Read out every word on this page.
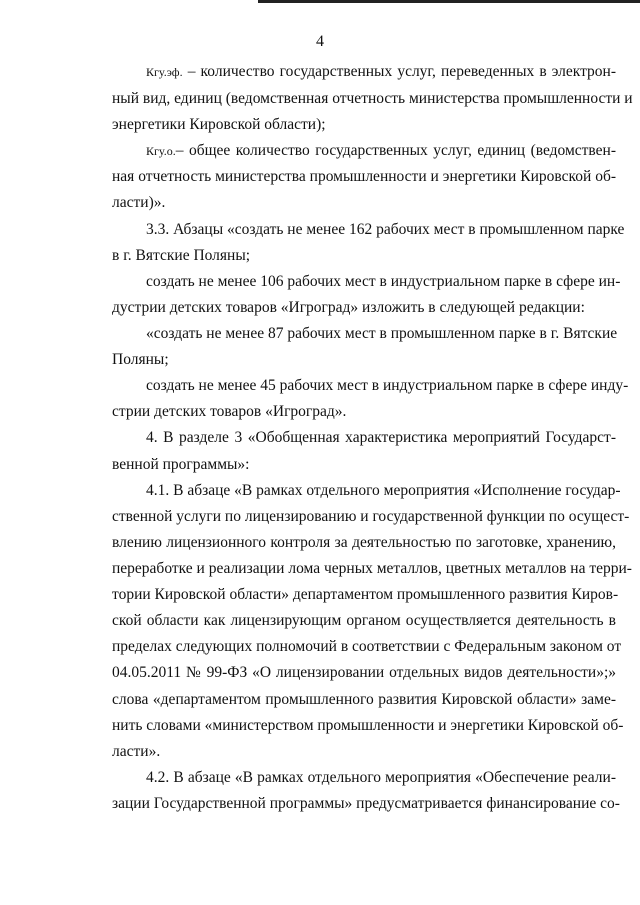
4
Кгу.эф. – количество государственных услуг, переведенных в электрон-
ный вид, единиц (ведомственная отчетность министерства промышленности и
энергетики Кировской области);
Кгу.о.– общее количество государственных услуг, единиц (ведомствен-
ная отчетность министерства промышленности и энергетики Кировской об-
ласти)».
3.3. Абзацы «создать не менее 162 рабочих мест в промышленном парке
в г. Вятские Поляны;
создать не менее 106 рабочих мест в индустриальном парке в сфере ин-
дустрии детских товаров «Игроград» изложить в следующей редакции:
«создать не менее 87 рабочих мест в промышленном парке в г. Вятские
Поляны;
создать не менее 45 рабочих мест в индустриальном парке в сфере инду-
стрии детских товаров «Игроград».
4. В разделе 3 «Обобщенная характеристика мероприятий Государст-
венной программы»:
4.1. В абзаце «В рамках отдельного мероприятия «Исполнение государ-
ственной услуги по лицензированию и государственной функции по осущест-
влению лицензионного контроля за деятельностью по заготовке, хранению,
переработке и реализации лома черных металлов, цветных металлов на терри-
тории Кировской области» департаментом промышленного развития Киров-
ской области как лицензирующим органом осуществляется деятельность в
пределах следующих полномочий в соответствии с Федеральным законом от
04.05.2011 № 99-ФЗ «О лицензировании отдельных видов деятельности»;»
слова «департаментом промышленного развития Кировской области» заме-
нить словами «министерством промышленности и энергетики Кировской об-
ласти».
4.2. В абзаце «В рамках отдельного мероприятия «Обеспечение реали-
зации Государственной программы» предусматривается финансирование со-
